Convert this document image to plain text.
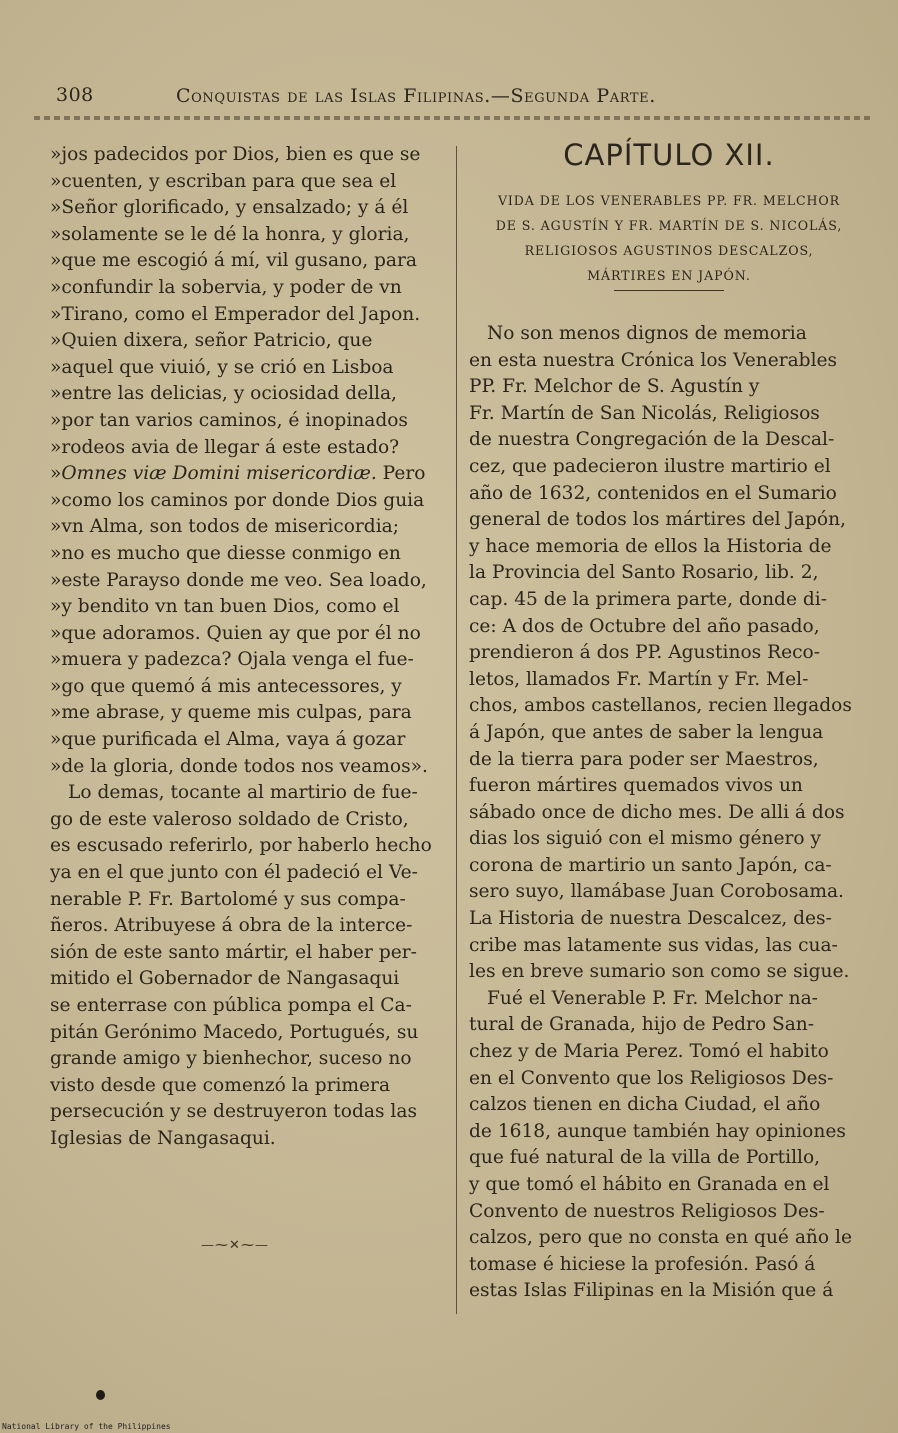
308	Conquistas de las Islas Filipinas.—Segunda Parte.

»jos padecidos por Dios, bien es que se

»cuenten, y escriban para que sea el

»Señor glorificado, y ensalzado; y á él

»solamente se le dé la honra, y gloria,

»que me escogió á mí, vil gusano, para

»confundir la sobervia, y poder de vn

»Tirano, como el Emperador del Japon.

»Quien dixera, señor Patricio, que

»aquel que viuió, y se crió en Lisboa

»entre las delicias, y ociosidad della,

»por tan varios caminos, é inopinados

»rodeos avia de llegar á este estado?

»Omnes viæ Domini misericordiæ. Pero

»como los caminos por donde Dios guia

»vn Alma, son todos de misericordia;

»no es mucho que diesse conmigo en

»este Parayso donde me veo. Sea loado,

»y bendito vn tan buen Dios, como el

»que adoramos. Quien ay que por él no

»muera y padezca? Ojala venga el fue-

»go que quemó á mis antecessores, y

»me abrase, y queme mis culpas, para

»que purificada el Alma, vaya á gozar

»de la gloria, donde todos nos veamos».

Lo demas, tocante al martirio de fue-

go de este valeroso soldado de Cristo,

es escusado referirlo, por haberlo hecho

ya en el que junto con él padeció el Ve-

nerable P. Fr. Bartolomé y sus compa-

ñeros. Atribuyese á obra de la interce-

sión de este santo mártir, el haber per-

mitido el Gobernador de Nangasaqui

se enterrase con pública pompa el Ca-

pitán Gerónimo Macedo, Portugués, su

grande amigo y bienhechor, suceso no

visto desde que comenzó la primera

persecución y se destruyeron todas las

Iglesias de Nangasaqui.

—⁓✕⁓—
CAPÍTULO XII.
VIDA DE LOS VENERABLES PP. FR. MELCHOR
DE S. AGUSTÍN Y FR. MARTÍN DE S. NICOLÁS,
RELIGIOSOS AGUSTINOS DESCALZOS,
MÁRTIRES EN JAPÓN.

No son menos dignos de memoria

en esta nuestra Crónica los Venerables

PP. Fr. Melchor de S. Agustín y

Fr. Martín de San Nicolás, Religiosos

de nuestra Congregación de la Descal-

cez, que padecieron ilustre martirio el

año de 1632, contenidos en el Sumario

general de todos los mártires del Japón,

y hace memoria de ellos la Historia de

la Provincia del Santo Rosario, lib. 2,

cap. 45 de la primera parte, donde di-

ce: A dos de Octubre del año pasado,

prendieron á dos PP. Agustinos Reco-

letos, llamados Fr. Martín y Fr. Mel-

chos, ambos castellanos, recien llegados

á Japón, que antes de saber la lengua

de la tierra para poder ser Maestros,

fueron mártires quemados vivos un

sábado once de dicho mes. De alli á dos

dias los siguió con el mismo género y

corona de martirio un santo Japón, ca-

sero suyo, llamábase Juan Corobosama.

La Historia de nuestra Descalcez, des-

cribe mas latamente sus vidas, las cua-

les en breve sumario son como se sigue.

Fué el Venerable P. Fr. Melchor na-

tural de Granada, hijo de Pedro San-

chez y de Maria Perez. Tomó el habito

en el Convento que los Religiosos Des-

calzos tienen en dicha Ciudad, el año

de 1618, aunque también hay opiniones

que fué natural de la villa de Portillo,

y que tomó el hábito en Granada en el

Convento de nuestros Religiosos Des-

calzos, pero que no consta en qué año le

tomase é hiciese la profesión. Pasó á

estas Islas Filipinas en la Misión que á

National Library of the Philippines
